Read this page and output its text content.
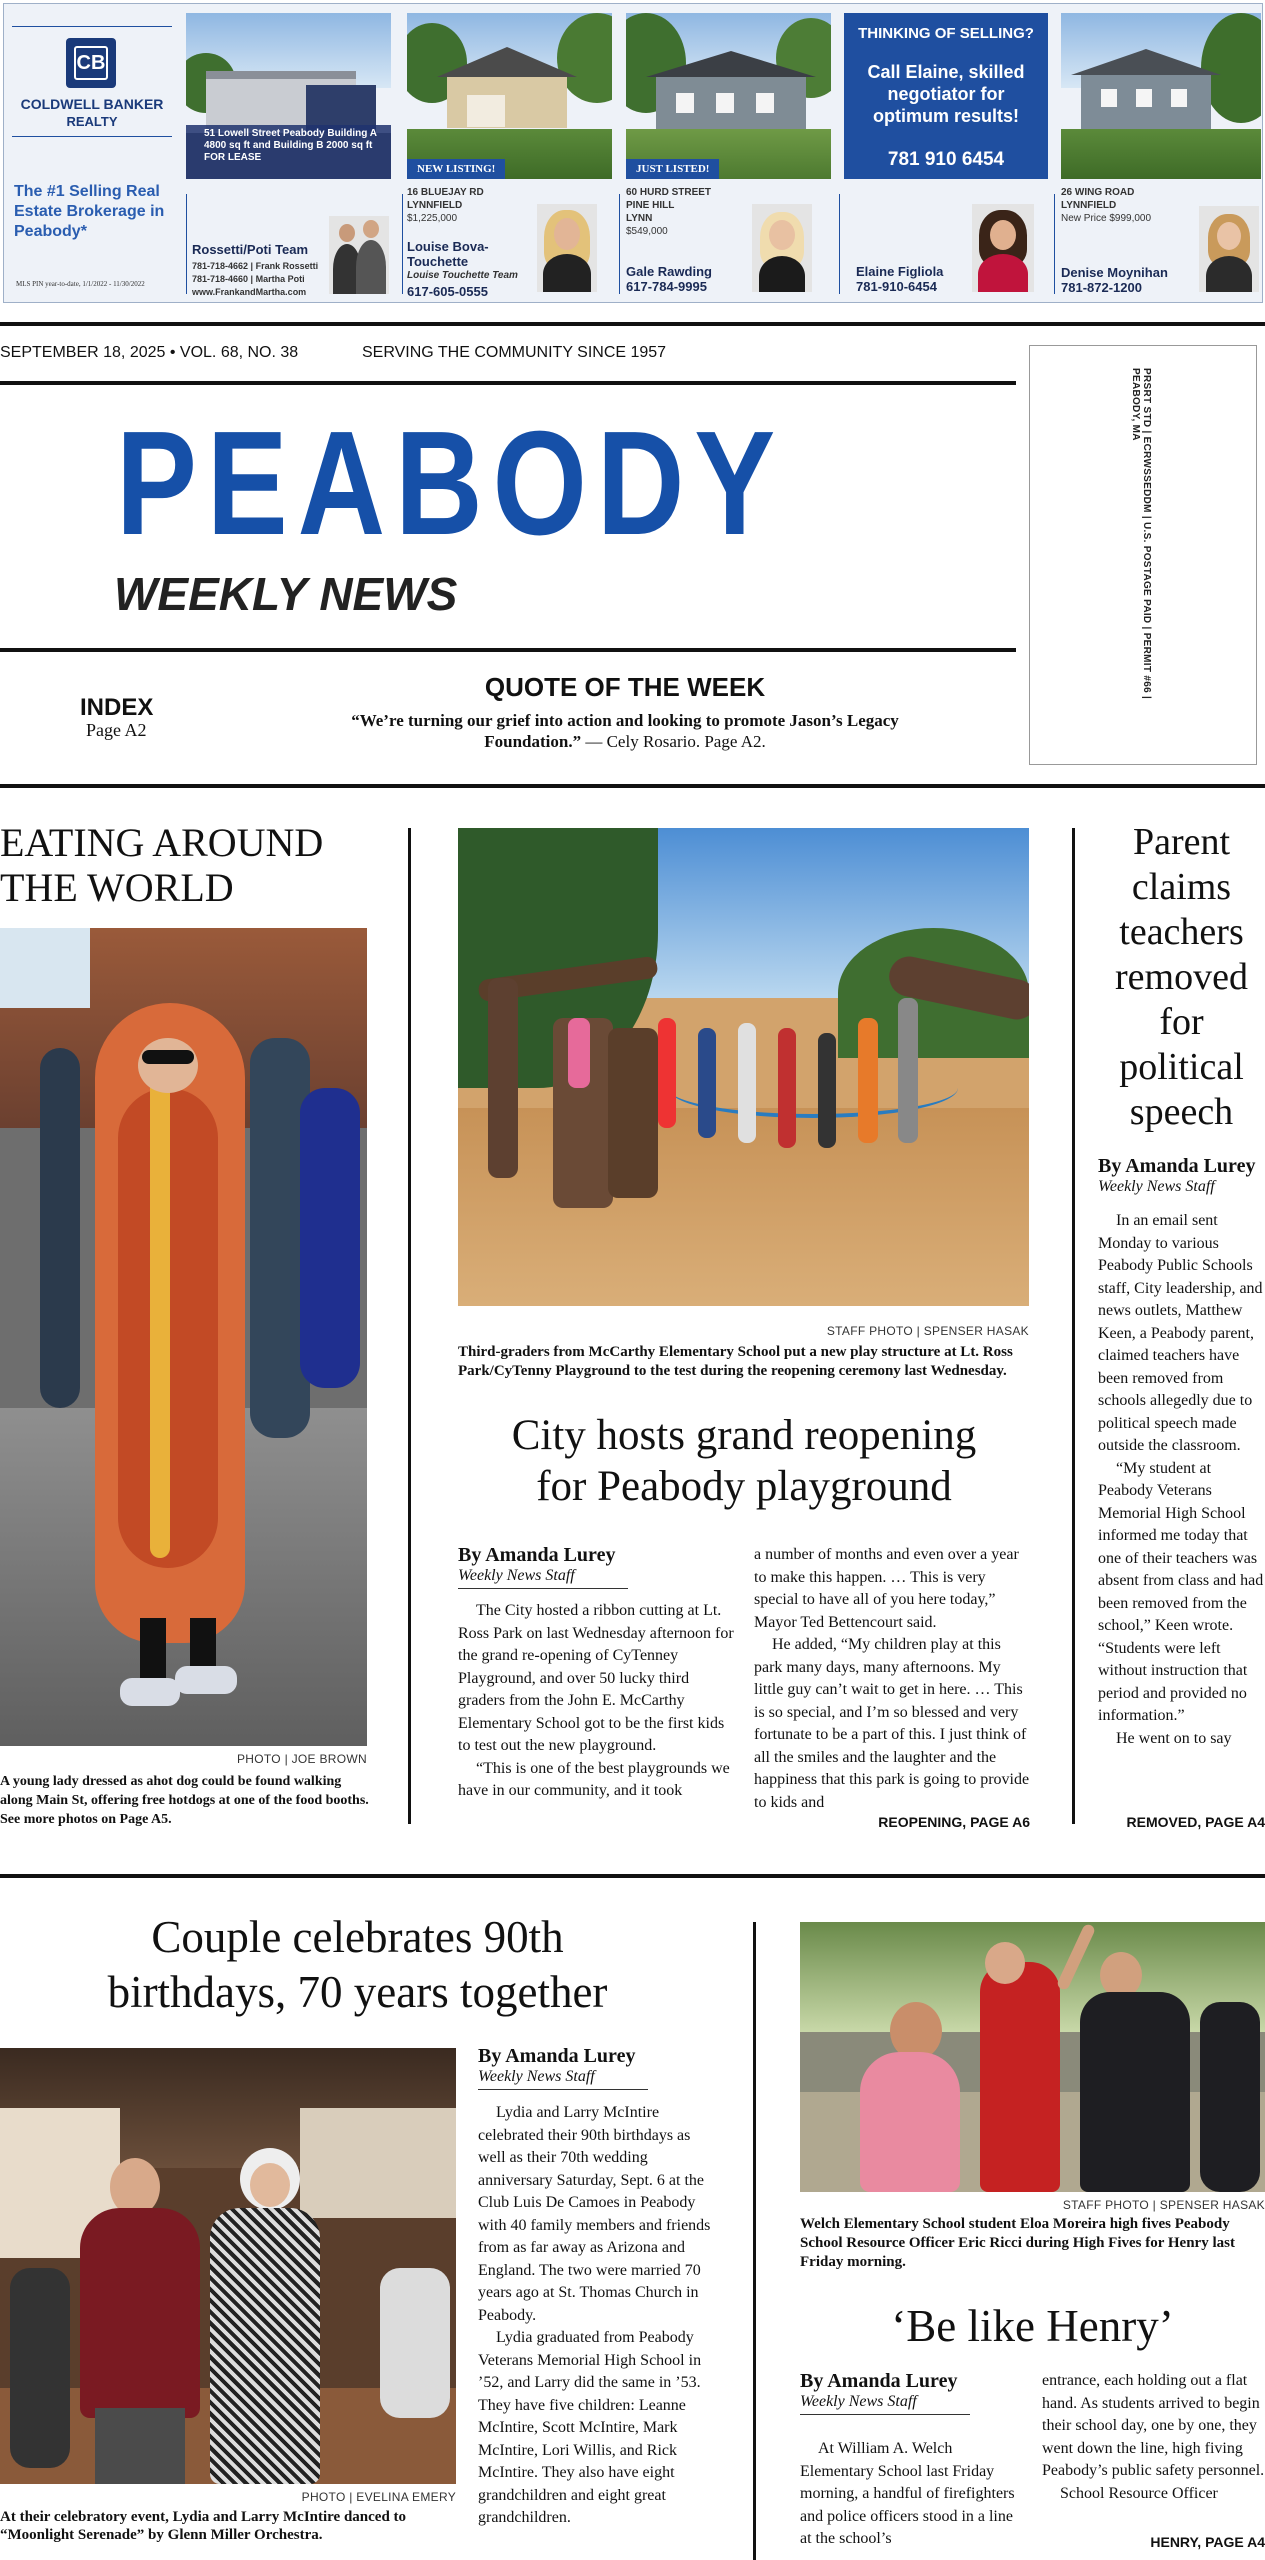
CB
COLDWELL BANKER
REALTY
The #1 Selling Real Estate Brokerage in Peabody*
MLS PIN year-to-date, 1/1/2022 - 11/30/2022
51 Lowell Street Peabody Building A 4800 sq ft and Building B 2000 sq ft FOR LEASE
NEW LISTING!	JUST LISTED!
THINKING OF SELLING?
Call Elaine, skilled negotiator for optimum results!
781 910 6454
Rossetti/Poti Team
781-718-4662 | Frank Rossetti
781-718-4660 | Martha Poti
www.FrankandMartha.com
16 BLUEJAY RD
LYNNFIELD
$1,225,000
Louise Bova-Touchette
Louise Touchette Team
617-605-0555
60 HURD STREET
PINE HILL
LYNN
$549,000
Gale Rawding
617-784-9995
Elaine Figliola
781-910-6454
26 WING ROAD
LYNNFIELD
New Price $999,000
Denise Moynihan
781-872-1200
SEPTEMBER 18, 2025 • VOL. 68, NO. 38	SERVING THE COMMUNITY SINCE 1957
PEABODY
WEEKLY NEWS	PRSRT STD | ECRWSSEDDM | U.S. POSTAGE PAID | PERMIT #66 | PEABODY, MA
INDEX
Page A2
QUOTE OF THE WEEK
“We’re turning our grief into action and looking to promote Jason’s Legacy Foundation.” — Cely Rosario. Page A2.
EATING AROUND
THE WORLD
PHOTO | JOE BROWN
A young lady dressed as ahot dog could be found walking along Main St, offering free hotdogs at one of the food booths. See more photos on Page A5.
STAFF PHOTO | SPENSER HASAK
Third-graders from McCarthy Elementary School put a new play structure at Lt. Ross Park/CyTenny Playground to the test during the reopening ceremony last Wednesday.
City hosts grand reopening
for Peabody playground
By Amanda Lurey
Weekly News Staff

The City hosted a ribbon cutting at Lt. Ross Park on last Wednesday afternoon for the grand re-opening of CyTenney Playground, and over 50 lucky third graders from the John E. McCarthy Elementary School got to be the first kids to test out the new playground.

“This is one of the best playgrounds we have in our community, and it took

a number of months and even over a year to make this happen. … This is very special to have all of you here today,” Mayor Ted Bettencourt said.

He added, “My children play at this park many days, many afternoons. My little guy can’t wait to get in here. … This is so special, and I’m so blessed and very fortunate to be a part of this. I just think of all the smiles and the laughter and the happiness that this park is going to provide to kids and

REOPENING, PAGE A6
Parent claims teachers removed for political speech
By Amanda Lurey
Weekly News Staff

In an email sent Monday to various Peabody Public Schools staff, City leadership, and news outlets, Matthew Keen, a Peabody parent, claimed teachers have been removed from schools allegedly due to political speech made outside the classroom.

“My student at Peabody Veterans Memorial High School informed me today that one of their teachers was absent from class and had been removed from the school,” Keen wrote. “Students were left without instruction that period and provided no information.”

He went on to say

REMOVED, PAGE A4
Couple celebrates 90th
birthdays, 70 years together
PHOTO | EVELINA EMERY
At their celebratory event, Lydia and Larry McIntire danced to “Moonlight Serenade” by Glenn Miller Orchestra.
By Amanda Lurey
Weekly News Staff

Lydia and Larry McIntire celebrated their 90th birthdays as well as their 70th wedding anniversary Saturday, Sept. 6 at the Club Luis De Camoes in Peabody with 40 family members and friends from as far away as Arizona and England. The two were married 70 years ago at St. Thomas Church in Peabody.

Lydia graduated from Peabody Veterans Memorial High School in ’52, and Larry did the same in ’53. They have five children: Leanne McIntire, Scott McIntire, Mark McIntire, Lori Willis, and Rick McIntire. They also have eight grandchildren and eight great grandchildren.

STAFF PHOTO | SPENSER HASAK
Welch Elementary School student Eloa Moreira high fives Peabody School Resource Officer Eric Ricci during High Fives for Henry last Friday morning.
‘Be like Henry’
By Amanda Lurey
Weekly News Staff

At William A. Welch Elementary School last Friday morning, a handful of firefighters and police officers stood in a line at the school’s

entrance, each holding out a flat hand. As students arrived to begin their school day, one by one, they went down the line, high fiving Peabody’s public safety personnel.

School Resource Officer

HENRY, PAGE A4
